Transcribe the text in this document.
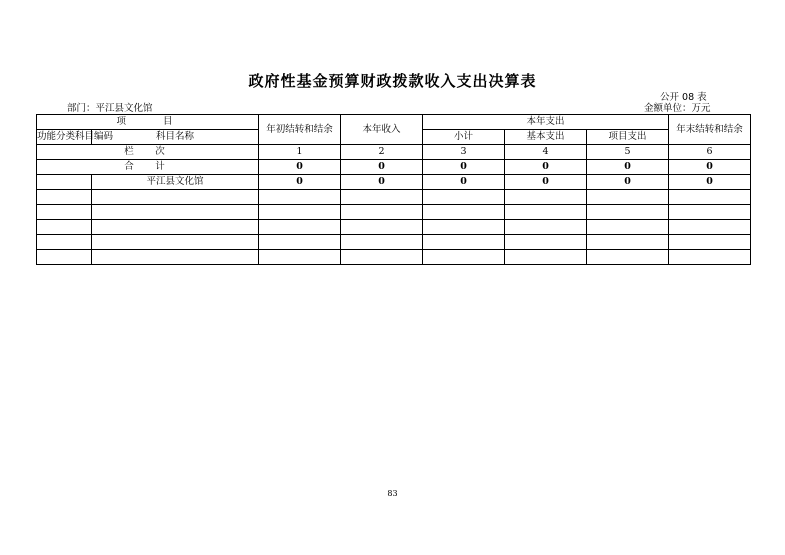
政府性基金预算财政拨款收入支出决算表
公开 08 表
部门：平江县文化馆	金额单位：万元
项　　目		年初结转和结余	本年收入	本年支出			年末结转和结余
功能分类科目编码	科目名称			小计	基本支出	项目支出	

栏　次		1	2	3	4	5	6
合　计		0	0	0	0	0	0
	平江县文化馆	0	0	0	0	0	0

83
